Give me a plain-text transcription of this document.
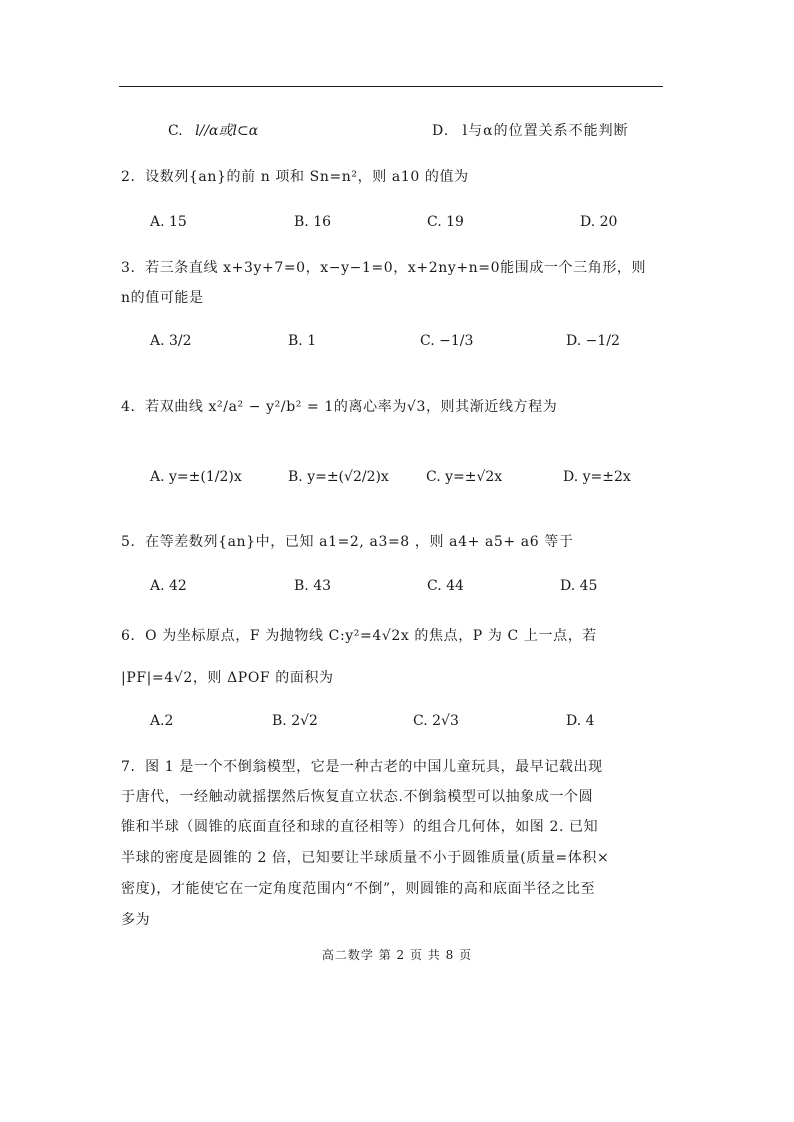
C. l//α或l⊂α	D. l与α的位置关系不能判断
2．设数列{an}的前 n 项和 Sn=n²，则 a10 的值为
A. 15	B. 16	C. 19	D. 20
3．若三条直线 x+3y+7=0，x−y−1=0，x+2ny+n=0能围成一个三角形，则
n的值可能是
A. 3/2	B. 1	C. −1/3	D. −1/2
4．若双曲线 x²/a² − y²/b² = 1的离心率为√3，则其渐近线方程为
A. y=±(1/2)x	B. y=±(√2/2)x	C. y=±√2x	D. y=±2x
5．在等差数列{an}中，已知 a1=2, a3=8 ，则 a4+ a5+ a6 等于
A. 42	B. 43	C. 44	D. 45
6．O 为坐标原点，F 为抛物线 C:y²=4√2x 的焦点，P 为 C 上一点，若
|PF|=4√2，则 ΔPOF 的面积为
A.2	B. 2√2	C. 2√3	D. 4
7．图 1 是一个不倒翁模型，它是一种古老的中国儿童玩具，最早记载出现
于唐代，一经触动就摇摆然后恢复直立状态.不倒翁模型可以抽象成一个圆
锥和半球（圆锥的底面直径和球的直径相等）的组合几何体，如图 2. 已知
半球的密度是圆锥的 2 倍，已知要让半球质量不小于圆锥质量(质量=体积×
密度)，才能使它在一定角度范围内“不倒”，则圆锥的高和底面半径之比至
多为
高二数学 第 2 页 共 8 页
